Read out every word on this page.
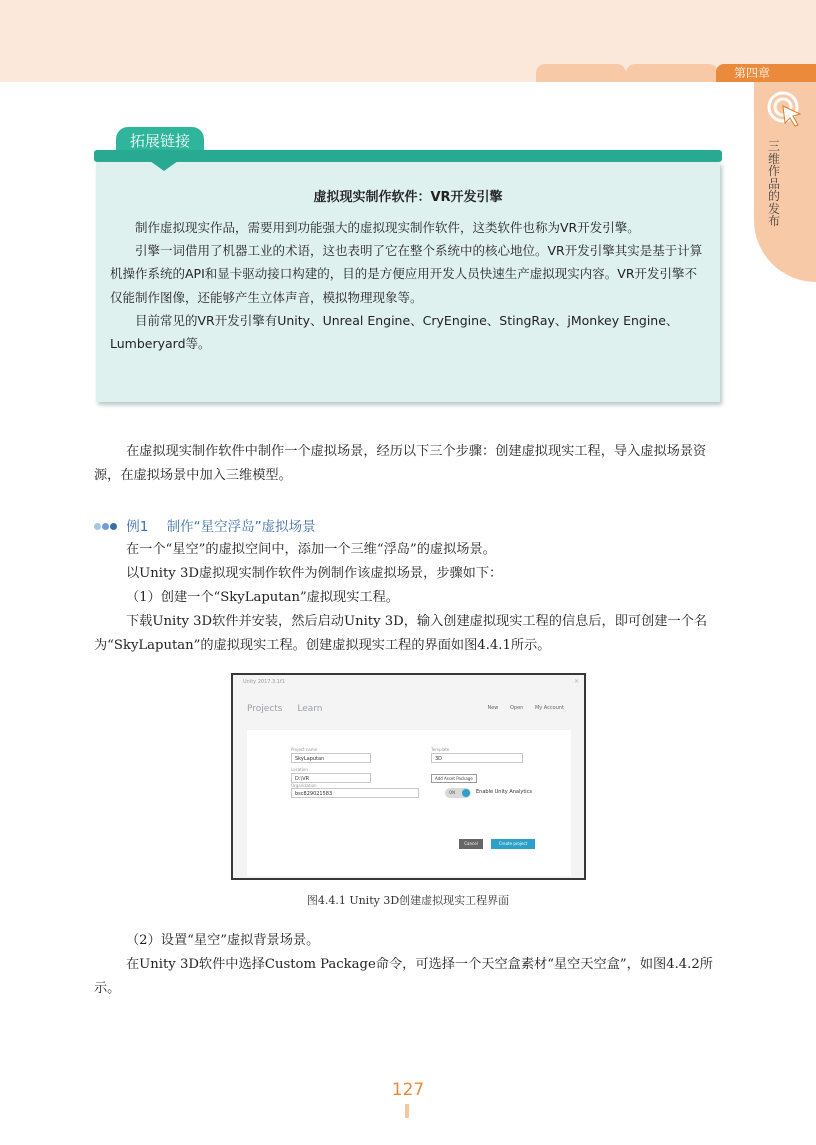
第四章
三维作品的发布
拓展链接
虚拟现实制作软件：VR开发引擎

制作虚拟现实作品，需要用到功能强大的虚拟现实制作软件，这类软件也称为VR开发引擎。

引擎一词借用了机器工业的术语，这也表明了它在整个系统中的核心地位。VR开发引擎其实是基于计算机操作系统的API和显卡驱动接口构建的，目的是方便应用开发人员快速生产虚拟现实内容。VR开发引擎不仅能制作图像，还能够产生立体声音，模拟物理现象等。

目前常见的VR开发引擎有Unity、Unreal Engine、CryEngine、StingRay、jMonkey Engine、Lumberyard等。

在虚拟现实制作软件中制作一个虚拟场景，经历以下三个步骤：创建虚拟现实工程，导入虚拟场景资源，在虚拟场景中加入三维模型。

例1 制作“星空浮岛”虚拟场景

在一个“星空”的虚拟空间中，添加一个三维“浮岛”的虚拟场景。

以Unity 3D虚拟现实制作软件为例制作该虚拟场景，步骤如下：

（1）创建一个“SkyLaputan”虚拟现实工程。

下载Unity 3D软件并安装，然后启动Unity 3D，输入创建虚拟现实工程的信息后，即可创建一个名为“SkyLaputan”的虚拟现实工程。创建虚拟现实工程的界面如图4.4.1所示。

Unity 2017.3.1f1	×
Projects Learn	New Open My Account
Project name
SkyLaputan
Template
3D
Location
D:\VR	Add Asset Package
Organization
bsc829021583	ON	Enable Unity Analytics
Cancel	Create project
图4.4.1 Unity 3D创建虚拟现实工程界面

（2）设置“星空”虚拟背景场景。

在Unity 3D软件中选择Custom Package命令，可选择一个天空盒素材“星空天空盒”，如图4.4.2所示。

127
